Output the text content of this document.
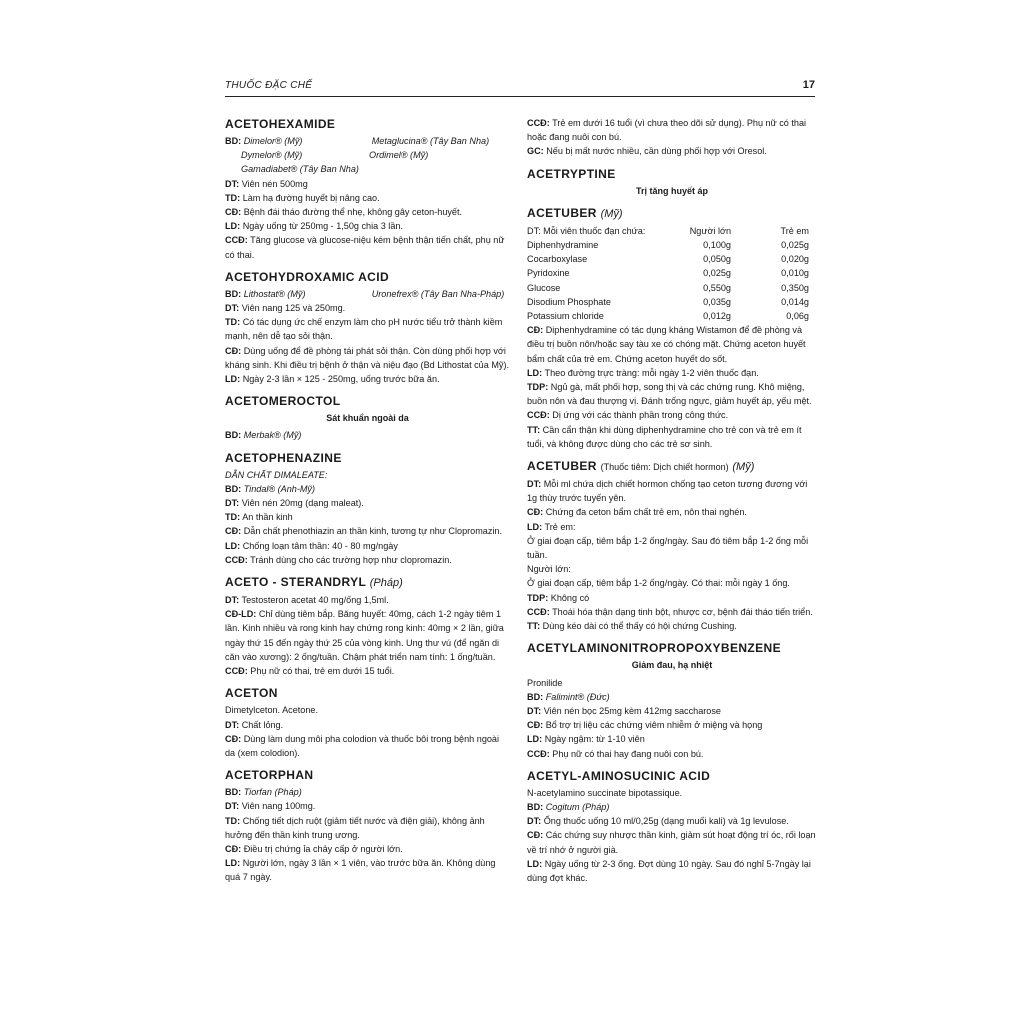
THUỐC ĐẶC CHẾ	17
ACETOHEXAMIDE
BD:
Dimelor® (Mỹ)	Metaglucina® (Tây Ban Nha)
Dymelor® (Mỹ)	Ordimel® (Mỹ)
Gamadiabet® (Tây Ban Nha)

DT: Viên nén 500mg

TD: Làm hạ đường huyết bị nâng cao.

CĐ: Bệnh đái tháo đường thể nhẹ, không gây ceton-huyết.

LD: Ngày uống từ 250mg - 1,50g chia 3 lần.

CCĐ: Tăng glucose và glucose-niệu kém bệnh thận tiến chất, phụ nữ có thai.

ACETOHYDROXAMIC ACID
BD:
Lithostat® (Mỹ)	Uronefrex® (Tây Ban Nha-Pháp)

DT: Viên nang 125 và 250mg.

TD: Có tác dụng ức chế enzym làm cho pH nước tiểu trở thành kiềm mạnh, nên dễ tạo sỏi thận.

CĐ: Dùng uống để đề phòng tái phát sỏi thận. Còn dùng phối hợp với kháng sinh. Khi điều trị bệnh ở thận và niệu đạo (Bd Lithostat của Mỹ).

LD: Ngày 2-3 lần × 125 - 250mg, uống trước bữa ăn.

ACETOMEROCTOL
Sát khuẩn ngoài da
BD:
Merbak® (Mỹ)
ACETOPHENAZINE

DẪN CHẤT DIMALEATE:

BD:
Tindal® (Anh-Mỹ)

DT: Viên nén 20mg (dạng maleat).

TD: An thần kinh

CĐ: Dẫn chất phenothiazin an thần kinh, tương tự như Clopromazin.

LD: Chống loạn tâm thần: 40 - 80 mg/ngày

CCĐ: Tránh dùng cho các trường hợp như clopromazin.

ACETO - STERANDRYL (Pháp)

DT: Testosteron acetat 40 mg/ống 1,5ml.

CĐ-LD: Chỉ dùng tiêm bắp. Băng huyết: 40mg, cách 1-2 ngày tiêm 1 lần. Kinh nhiều và rong kinh hay chứng rong kinh: 40mg × 2 lần, giữa ngày thứ 15 đến ngày thứ 25 của vòng kinh. Ung thư vú (để ngăn di căn vào xương): 2 ống/tuần. Chậm phát triển nam tính: 1 ống/tuần.

CCĐ: Phụ nữ có thai, trẻ em dưới 15 tuổi.

ACETON

Dimetylceton. Acetone.

DT: Chất lỏng.

CĐ: Dùng làm dung môi pha colodion và thuốc bôi trong bệnh ngoài da (xem colodion).

ACETORPHAN
BD:
Tiorfan (Pháp)

DT: Viên nang 100mg.

TD: Chống tiết dịch ruột (giảm tiết nước và điện giải), không ảnh hưởng đến thần kinh trung ương.

CĐ: Điều trị chứng ỉa chảy cấp ở người lớn.

LD: Người lớn, ngày 3 lần × 1 viên, vào trước bữa ăn. Không dùng quá 7 ngày.

CCĐ: Trẻ em dưới 16 tuổi (vì chưa theo dõi sử dụng). Phụ nữ có thai hoặc đang nuôi con bú.

GC: Nếu bị mất nước nhiều, cần dùng phối hợp với Oresol.

ACETRYPTINE
Trị tăng huyết áp
ACETUBER (Mỹ)
DT: Mỗi viên thuốc đạn chứa:	Người lớn	Trẻ em
Diphenhydramine	0,100g	0,025g
Cocarboxylase	0,050g	0,020g
Pyridoxine	0,025g	0,010g
Glucose	0,550g	0,350g
Disodium Phosphate	0,035g	0,014g
Potassium chloride	0,012g	0,06g

CĐ: Diphenhydramine có tác dụng kháng Wistamon để đề phòng và điều trị buồn nôn/hoặc say tàu xe có chóng mặt. Chứng aceton huyết bẩm chất của trẻ em. Chứng aceton huyết do sốt.

LD: Theo đường trực tràng: mỗi ngày 1-2 viên thuốc đạn.

TDP: Ngủ gà, mất phối hợp, song thị và các chứng rung. Khô miệng, buồn nôn và đau thượng vị. Đánh trống ngực, giảm huyết áp, yếu mệt.

CCĐ: Dị ứng với các thành phần trong công thức.

TT: Cần cẩn thận khi dùng diphenhydramine cho trẻ con và trẻ em ít tuổi, và không được dùng cho các trẻ sơ sinh.

ACETUBER (Thuốc tiêm: Dịch chiết hormon) (Mỹ)

DT: Mỗi ml chứa dịch chiết hormon chống tạo ceton tương đương với 1g thùy trước tuyến yên.

CĐ: Chứng đa ceton bẩm chất trẻ em, nôn thai nghén.

LD: Trẻ em:

Ở giai đoạn cấp, tiêm bắp 1-2 ống/ngày. Sau đó tiêm bắp 1-2 ống mỗi tuần.

Người lớn:

Ở giai đoạn cấp, tiêm bắp 1-2 ống/ngày. Có thai: mỗi ngày 1 ống.

TDP: Không có

CCĐ: Thoái hóa thận dạng tinh bột, nhược cơ, bệnh đái tháo tiến triển.

TT: Dùng kéo dài có thể thấy có hội chứng Cushing.

ACETYLAMINONITROPROPOXYBENZENE
Giảm đau, hạ nhiệt

Pronilide

BD:
Falimint® (Đức)

DT: Viên nén bọc 25mg kèm 412mg saccharose

CĐ: Bổ trợ trị liệu các chứng viêm nhiễm ở miệng và họng

LD: Ngày ngậm: từ 1-10 viên

CCĐ: Phụ nữ có thai hay đang nuôi con bú.

ACETYL-AMINOSUCINIC ACID

N-acetylamino succinate bipotassique.

BD:
Cogitum (Pháp)

DT: Ống thuốc uống 10 ml/0,25g (dạng muối kali) và 1g levulose.

CĐ: Các chứng suy nhược thần kinh, giảm sút hoạt động trí óc, rối loạn về trí nhớ ở người già.

LD: Ngày uống từ 2-3 ống. Đợt dùng 10 ngày. Sau đó nghỉ 5-7ngày lại dùng đợt khác.
